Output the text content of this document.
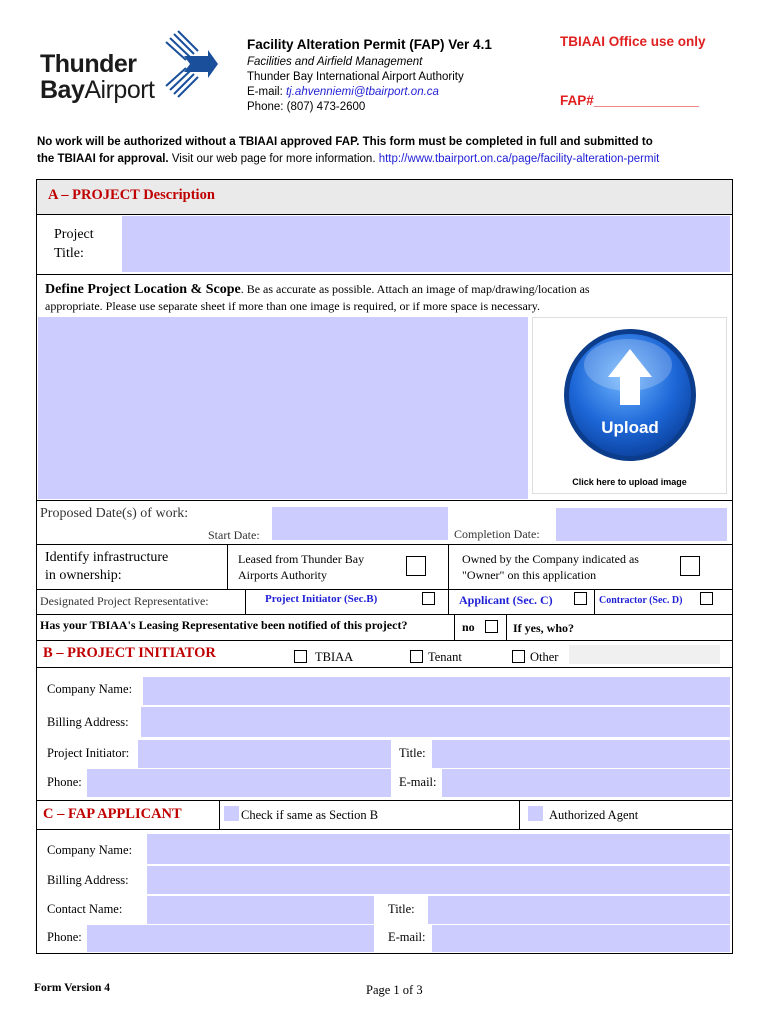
Thunder
BayAirport
Facility Alteration Permit (FAP) Ver 4.1
Facilities and Airfield Management
Thunder Bay International Airport Authority
E-mail: tj.ahvenniemi@tbairport.on.ca
Phone: (807) 473-2600
TBIAAI Office use only
FAP#______________
No work will be authorized without a TBIAAI approved FAP. This form must be completed in full and submitted to
the TBIAAI for approval. Visit our web page for more information. http://www.tbairport.on.ca/page/facility-alteration-permit
A – PROJECT Description
Project
Title:
Define Project Location & Scope. Be as accurate as possible. Attach an image of map/drawing/location as
appropriate. Please use separate sheet if more than one image is required, or if more space is necessary.
Upload
Click here to upload image
Proposed Date(s) of work:
Start Date:	Completion Date:
Identify infrastructure
in ownership:
Leased from Thunder Bay
Airports Authority
Owned by the Company indicated as
"Owner" on this application
Designated Project Representative:	Project Initiator (Sec.B)	Applicant (Sec. C)	Contractor (Sec. D)
Has your TBIAA's Leasing Representative been notified of this project?	no	If yes, who?
B – PROJECT INITIATOR	TBIAA	Tenant	Other
Company Name:
Billing Address:
Project Initiator:	Title:
Phone:	E-mail:
C – FAP APPLICANT	Check if same as Section B	Authorized Agent
Company Name:
Billing Address:
Contact Name:	Title:
Phone:	E-mail:
Form Version 4	Page 1 of 3
